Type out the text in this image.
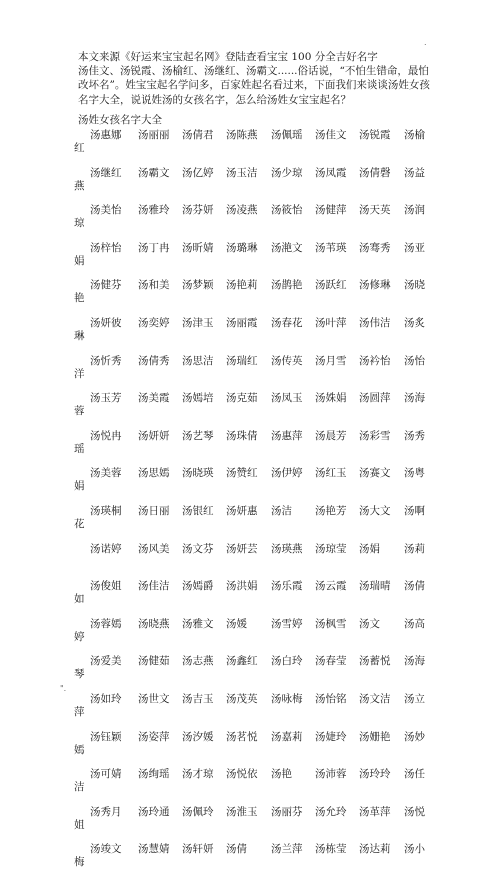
.

本文来源《好运来宝宝起名网》登陆查看宝宝 100 分全吉好名字

汤佳文、汤锐霞、汤榆红、汤继红、汤霸文......俗话说，“不怕生错命，最怕改坏名”。姓宝宝起名学问多，百家姓起名看过来，下面我们来谈谈汤姓女孩名字大全，说说姓汤的女孩名字，怎么给汤姓女宝宝起名？

汤姓女孩名字大全
汤惠娜 汤丽丽 汤倩君 汤陈燕 汤佩瑶 汤佳文 汤锐霞 汤榆
红
汤继红 汤霸文 汤亿婷 汤玉洁 汤少琼 汤凤霞 汤倩磬 汤益
燕
汤美怡 汤雅玲 汤芬妍 汤凌燕 汤筱怡 汤健萍 汤天英 汤润
琼
汤梓怡 汤丁冉 汤昕婧 汤璐琳 汤滟文 汤苇瑛 汤骞秀 汤亚
娟
汤健芬 汤和美 汤梦颖 汤艳莉 汤鹊艳 汤跃红 汤修琳 汤晓
艳
汤妍彼 汤奕婷 汤津玉 汤丽霞 汤春花 汤叶萍 汤伟洁 汤炙
琳
汤忻秀 汤倩秀 汤思洁 汤瑞红 汤传英 汤月雪 汤衿怡 汤怡
洋
汤玉芳 汤美霞 汤嫣培 汤克茹 汤凤玉 汤姝娟 汤圆萍 汤海
蓉
汤悦冉 汤妍妍 汤艺琴 汤珠倩 汤惠萍 汤晨芳 汤彩雪 汤秀
瑶
汤美蓉 汤思嫣 汤晓瑛 汤赞红 汤伊婷 汤红玉 汤赛文 汤粤
娟
汤瑛桐 汤日丽 汤银红 汤妍惠 汤洁 汤艳芳 汤大文 汤啊
花
汤诺婷 汤风美 汤文芬 汤妍芸 汤瑛燕 汤琼莹 汤娟 汤莉
汤俊姐 汤佳洁 汤嫣爵 汤洪娟 汤乐霞 汤云霞 汤瑞晴 汤倩
如
汤蓉嫣 汤晓燕 汤雅文 汤媛 汤雪婷 汤枫雪 汤文 汤高
婷
汤爱美 汤健茹 汤志燕 汤鑫红 汤白玲 汤春莹 汤蓄悦 汤海
琴
汤如玲 汤世文 汤吉玉 汤茂英 汤咏梅 汤怡铭 汤文洁 汤立
萍
汤钰颖 汤姿萍 汤汐媛 汤茗悦 汤嘉莉 汤婕玲 汤姗艳 汤妙
嫣
汤可婧 汤绚瑶 汤才琼 汤悦依 汤艳 汤沛蓉 汤玲玲 汤任
洁
汤秀月 汤玲通 汤佩玲 汤淮玉 汤丽芬 汤允玲 汤革萍 汤悦
姐
汤竣文 汤慧婧 汤轩妍 汤倩 汤兰萍 汤栋莹 汤达莉 汤小
梅
".
